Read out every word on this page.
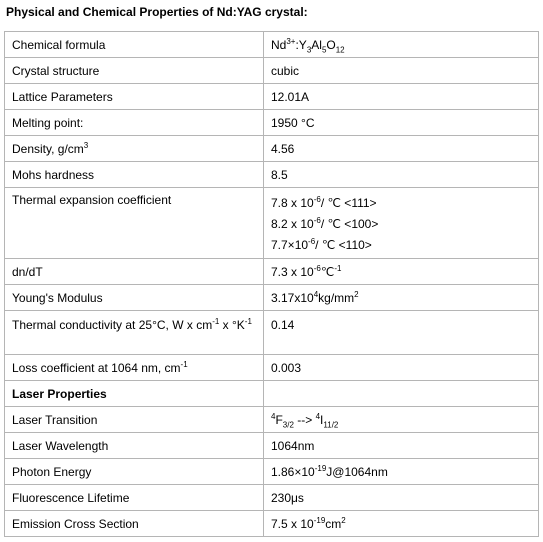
Physical and Chemical Properties of Nd:YAG crystal:
Chemical formula	$Nd^{3+}:Y_3Al_5O_{12}$
Crystal structure	cubic
Lattice Parameters	12.01A
Melting point:	1950 °C
Density, $g/cm^3$	4.56
Mohs hardness	8.5
Thermal expansion coefficient	7.8 x $10^{-6}/$ ℃ <111>
8.2 x $10^{-6}/$ ℃ <100>
$7.7\times 10^{-6}/$ ℃ <110>

dn/dT	7.3 x $10^{-6}℃^{-1}$
Young's Modulus	$3.17x10^4kg/mm^2$
Thermal conductivity at 25°C, W x $cm^{-1}$ x $^\circ K^{-1}$	0.14
Loss coefficient at 1064 nm, $cm^{-1}$	0.003
Laser Properties	
Laser Transition	$^4F_{3/2}$ --> $^4I_{11/2}$
Laser Wavelength	1064nm
Photon Energy	$1.86\times 10^{-19}J@1064nm$
Fluorescence Lifetime	230μs
Emission Cross Section	7.5 x $10^{-19}cm^2$
